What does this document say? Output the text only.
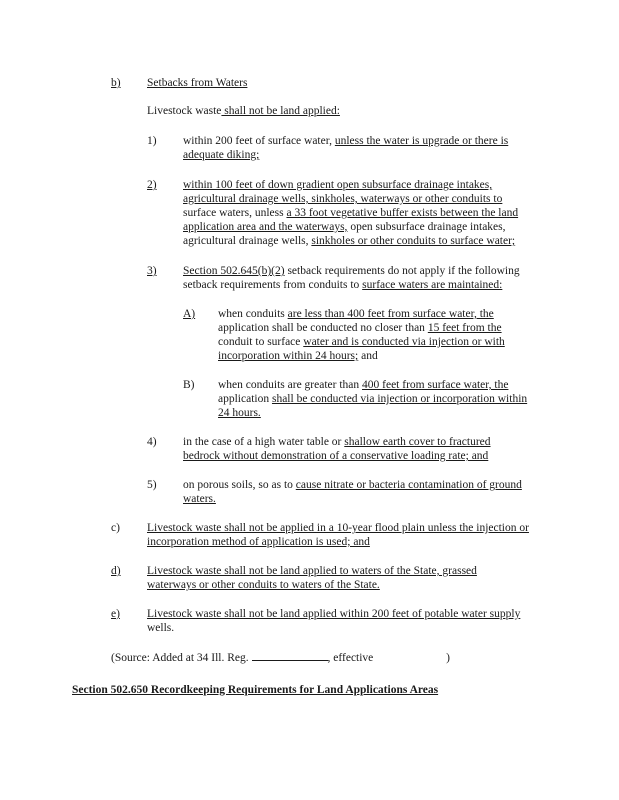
b) Setbacks from Waters
Livestock waste shall not be land applied:
1) within 200 feet of surface water, unless the water is upgrade or there is
adequate diking;
2) within 100 feet of down gradient open subsurface drainage intakes,
agricultural drainage wells, sinkholes, waterways or other conduits to
surface waters, unless a 33 foot vegetative buffer exists between the land
application area and the waterways, open subsurface drainage intakes,
agricultural drainage wells, sinkholes or other conduits to surface water;
3) Section 502.645(b)(2) setback requirements do not apply if the following
setback requirements from conduits to surface waters are maintained:
A) when conduits are less than 400 feet from surface water, the
application shall be conducted no closer than 15 feet from the
conduit to surface water and is conducted via injection or with
incorporation within 24 hours; and
B) when conduits are greater than 400 feet from surface water, the
application shall be conducted via injection or incorporation within
24 hours.
4) in the case of a high water table or shallow earth cover to fractured
bedrock without demonstration of a conservative loading rate; and
5) on porous soils, so as to cause nitrate or bacteria contamination of ground
waters.
c) Livestock waste shall not be applied in a 10-year flood plain unless the injection or
incorporation method of application is used; and
d) Livestock waste shall not be land applied to waters of the State, grassed
waterways or other conduits to waters of the State.
e) Livestock waste shall not be land applied within 200 feet of potable water supply
wells.
(Source: Added at 34 Ill. Reg.	, effective	)
Section 502.650 Recordkeeping Requirements for Land Applications Areas
